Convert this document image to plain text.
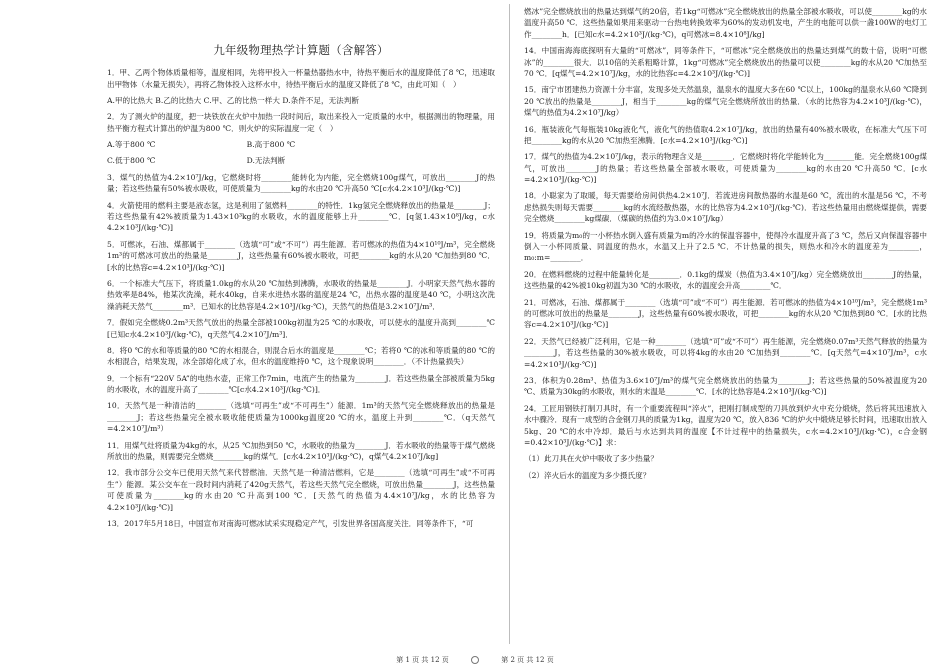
九年级物理热学计算题（含解答）

1．甲、乙两个物体质量相等，温度相同，先将甲投入一杯量热器热水中，待热平衡后水的温度降低了8 ℃，迅速取出甲物体（水量无损失），再将乙物体投入这杯水中，待热平衡后水的温度又降低了8 ℃，由此可知（　）

A.甲的比热大 B.乙的比热大 C.甲、乙的比热一样大 D.条件不足，无法判断

2．为了测火炉的温度，把一块铁放在火炉中加热一段时间后，取出来投入一定质量的水中，根据测出的物理量，用热平衡方程式计算出的炉温为800 ℃．则火炉的实际温度一定（　）

A.等于800 ℃　　　　　　　　　　　　B.高于800 ℃

C.低于800 ℃　　　　　　　　　　　　D.无法判断

3．煤气的热值为4.2×10⁷J/kg，它燃烧时将________能转化为内能，完全燃烧100g煤气，可放出________J的热量；若这些热量有50%被水吸收，可使质量为________kg的水由20 ℃升高50 ℃[c水4.2×10³J/(kg·℃)]

4．火箭使用的燃料主要是液态氢，这是利用了氢燃料________的特性．1kg氢完全燃烧释放出的热量是________J；若这些热量有42%被质量为1.43×10³kg的水吸收，水的温度能够上升________℃．[q氢1.43×10⁸J/kg，c水4.2×10³J/(kg·℃)]

5．可燃冰，石油、煤都属于________（选填“可”或“不可”）再生能源．若可燃冰的热值为4×10¹⁰J/m³，完全燃烧1m³的可燃冰可放出的热量是________J，这些热量有60%被水吸收，可把________kg的水从20 ℃加热到80 ℃．[水的比热容c=4.2×10³J/(kg·℃)]

6．一个标准大气压下，将质量1.0kg的水从20 ℃加热到沸腾，水吸收的热量是________J．小明家天然气热水器的热效率是84%，他某次洗澡，耗水40kg，自来水进热水器的温度是24 ℃，出热水器的温度是40 ℃，小明这次洗澡消耗天然气________m³．已知水的比热容是4.2×10³J/(kg·℃)，天然气的热值是3.2×10⁷J/m³．

7．假如完全燃烧0.2m³天然气放出的热量全部被100kg初温为25 ℃的水吸收，可以使水的温度升高到________℃[已知c水4.2×10³J/(kg·℃)，q天然气4.2×10⁷J/m³]．

8．将0 ℃的水和等质量的80 ℃的水相混合，则混合后水的温度是________℃；若将0 ℃的冰和等质量的80 ℃的水相混合，结果发现，冰全部熔化成了水，但水的温度维持0 ℃，这个现象说明________．（不计热量损失）

9．一个标有“220V 5A”的电热水壶，正常工作7min，电流产生的热量为________J．若这些热量全部被质量为5kg的水吸收，水的温度升高了________℃[c水4.2×10³J/(kg·℃)]．

10．天然气是一种清洁的________（选填“可再生”或“不可再生”）能源．1m³的天然气完全燃烧释放出的热量是________J；若这些热量完全被水吸收能使质量为1000kg温度20 ℃的水，温度上升到________℃．（q天然气=4.2×10⁷J/m³）

11．用煤气灶将质量为4kg的水，从25 ℃加热到50 ℃，水吸收的热量为________J．若水吸收的热量等于煤气燃烧所放出的热量，则需要完全燃烧________kg的煤气．[c水4.2×10³J/(kg·℃)，q煤气4.2×10⁷J/kg]

12．我市部分公交车已使用天然气来代替燃油．天然气是一种清洁燃料，它是________（选填“可再生”或“不可再生”）能源．某公交车在一段时间内消耗了420g天然气，若这些天然气完全燃烧，可放出热量________J，这些热量可使质量为________kg的水由20 ℃升高到100 ℃．[天然气的热值为4.4×10⁷J/kg，水的比热容为4.2×10³J/(kg·℃)]

13．2017年5月18日，中国宣布对南海可燃冰试采实现稳定产气，引发世界各国高度关注．同等条件下，“可

燃冰”完全燃烧放出的热量达到煤气的20倍，若1kg“可燃冰”完全燃烧放出的热量全部被水吸收，可以使________kg的水温度升高50 ℃．这些热量如果用来驱动一台热电转换效率为60%的发动机发电，产生的电能可以供一盏100W的电灯工作________h．[已知c水=4.2×10³J/(kg·℃)，q可燃冰=8.4×10⁸J/kg]

14．中国南海海底探明有大量的“可燃冰”，同等条件下，“可燃冰”完全燃烧放出的热量达到煤气的数十倍，说明“可燃冰”的________很大．以10倍的关系粗略计算，1kg“可燃冰”完全燃烧放出的热量可以使________kg的水从20 ℃加热至70 ℃．[q煤气=4.2×10⁷J/kg，水的比热容c=4.2×10³J/(kg·℃)]

15．南宁市团建热力资源十分丰富，发现多处天然温泉，温泉水的温度大多在60 ℃以上，100kg的温泉水从60 ℃降到20 ℃放出的热量是________J，相当于________kg的煤气完全燃烧所放出的热量．（水的比热容为4.2×10³J/(kg·℃)，煤气的热值为4.2×10⁷J/kg）

16．瓶装液化气每瓶装10kg液化气，液化气的热值取4.2×10⁷J/kg，放出的热量有40%被水吸收，在标准大气压下可把________kg的水从20 ℃加热至沸腾．[c水=4.2×10³J/(kg·℃)]

17．煤气的热值为4.2×10⁷J/kg，表示的物理含义是________．它燃烧时将化学能转化为________能．完全燃烧100g煤气，可放出________J的热量；若这些热量全部被水吸收，可使质量为________kg的水由20 ℃升高50 ℃．[c水=4.2×10³J/(kg·℃)]

18．小聪家为了取暖，每天需要给房间供热4.2×10⁷J．若流进房间散热器的水温是60 ℃，流出的水温是56 ℃，不考虑热损失则每天需要________kg的水流经散热器，水的比热容为4.2×10³J/(kg·℃)．若这些热量用由燃烧煤提供，需要完全燃烧________kg煤碳．（煤碳的热值约为3.0×10⁷J/kg）

19．将质量为m₀的一小杯热水倒入盛有质量为m的冷水的保温容器中，使得冷水温度升高了3 ℃，然后又向保温容器中倒入一小杯同质量、同温度的热水，水温又上升了2.5 ℃．不计热量的损失，则热水和冷水的温度差为________，m₀:m=________．

20．在燃料燃烧的过程中能量转化是________．0.1kg的煤炭（热值为3.4×10⁷J/kg）完全燃烧放出________J的热量，这些热量的42%被10kg初温为30 ℃的水吸收，水的温度会升高________℃．

21．可燃冰，石油、煤都属于________（选填“可”或“不可”）再生能源．若可燃冰的热值为4×10¹⁰J/m³，完全燃烧1m³的可燃冰可放出的热量是________J，这些热量有60%被水吸收，可把________kg的水从20 ℃加热到80 ℃．[水的比热容c=4.2×10³J/(kg·℃)]

22．天然气已经被广泛利用，它是一种________（选填“可”或“不可”）再生能源，完全燃烧0.07m³天然气释放的热量为________J，若这些热量的30%被水吸收，可以将4kg的水由20 ℃加热到________℃．[q天然气=4×10⁷J/m³，c水=4.2×10³J/(kg·℃)]

23．体积为0.28m³、热值为3.6×10⁷J/m³的煤气完全燃烧放出的热量为________J；若这些热量的50%被温度为20 ℃、质量为30kg的水吸收，则水的末温是________℃．[水的比热容是4.2×10³J/(kg·℃)]

24．工匠用钢铁打制刀具时，有一个重要流程叫“淬火”，把刚打制成型的刀具放到炉火中充分煅烧，然后将其迅速放入水中骤冷．现有一成型的合金钢刀具的质量为1kg，温度为20 ℃，放入836 ℃的炉火中煅烧足够长时间，迅速取出放入5kg、20 ℃的水中冷却．最后与水达到共同的温度【不计过程中的热量损失，c水=4.2×10³J/(kg·℃)，c合金钢=0.42×10³J/(kg·℃)】求：

（1）此刀具在火炉中吸收了多少热量？

（2）淬火后水的温度为多少摄氏度？

第 1 页 共 12 页	第 2 页 共 12 页
